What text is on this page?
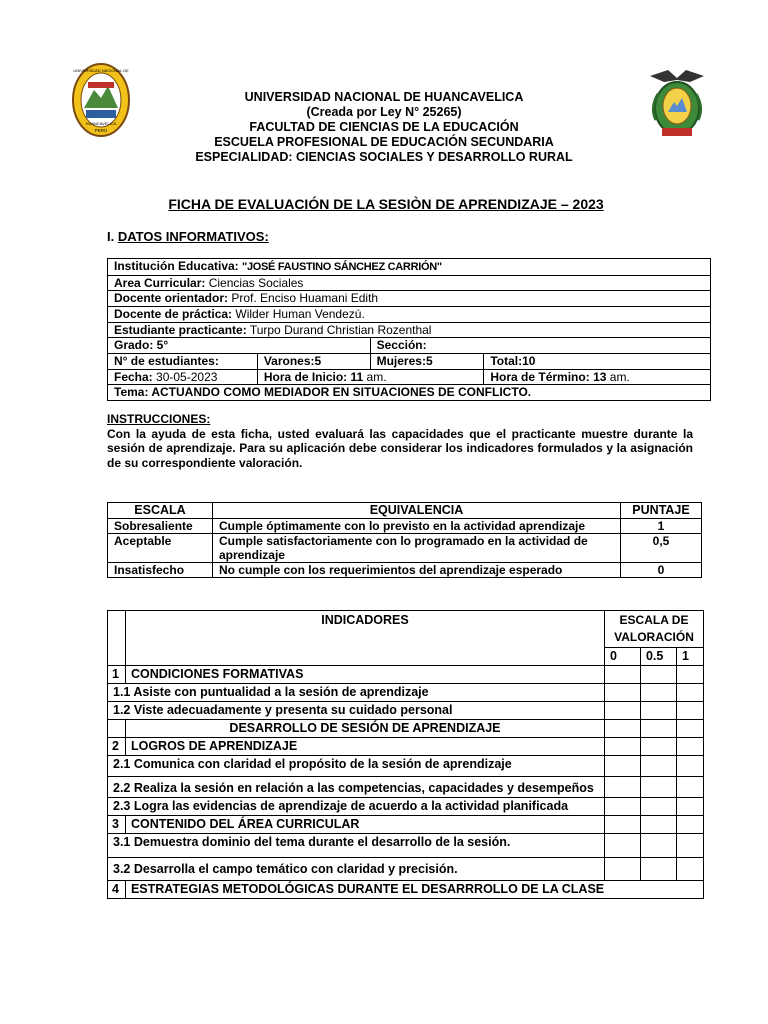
UNIVERSIDAD NACIONAL DE
HUANCAVELICA
PERÚ
UNIVERSIDAD NACIONAL DE HUANCAVELICA
(Creada por Ley N° 25265)
FACULTAD DE CIENCIAS DE LA EDUCACIÓN
ESCUELA PROFESIONAL DE EDUCACIÓN SECUNDARIA
ESPECIALIDAD: CIENCIAS SOCIALES Y DESARROLLO RURAL
FICHA DE EVALUACIÓN DE LA SESIÒN DE APRENDIZAJE – 2023
I. DATOS INFORMATIVOS:
Institución Educativa: "JOSÉ FAUSTINO SÁNCHEZ CARRIÓN"			
Area Curricular: Ciencias Sociales			
Docente orientador: Prof. Enciso Huamani Edith			
Docente de práctica: Wilder Human Vendezú.			
Estudiante practicante: Turpo Durand Christian Rozenthal			
Grado: 5°		Sección:	
N° de estudiantes:	Varones:5	Mujeres:5	Total:10
Fecha: 30-05-2023	Hora de Inicio: 11 am.		Hora de Término: 13 am.
Tema: ACTUANDO COMO MEDIADOR EN SITUACIONES DE CONFLICTO.			
INSTRUCCIONES:
Con la ayuda de esta ficha, usted evaluará las capacidades que el practicante muestre durante la sesión de aprendizaje. Para su aplicación debe considerar los indicadores formulados y la asignación de su correspondiente valoración.
ESCALA	EQUIVALENCIA	PUNTAJE
Sobresaliente	Cumple óptimamente con lo previsto en la actividad aprendizaje	1
Aceptable	Cumple satisfactoriamente con lo programado en la actividad de aprendizaje	0,5
Insatisfecho	No cumple con los requerimientos del aprendizaje esperado	0
	INDICADORES	ESCALA DE VALORACIÓN		
		0	0.5	1
1	CONDICIONES FORMATIVAS			
1.1 Asiste con puntualidad a la sesión de aprendizaje				
1.2 Viste adecuadamente y presenta su cuidado personal				
	DESARROLLO DE SESIÓN DE APRENDIZAJE			
2	LOGROS DE APRENDIZAJE			
2.1 Comunica con claridad el propósito de la sesión de aprendizaje				
2.2 Realiza la sesión en relación a las competencias, capacidades y desempeños				
2.3 Logra las evidencias de aprendizaje de acuerdo a la actividad planificada				
3	CONTENIDO DEL ÁREA CURRICULAR			
3.1 Demuestra dominio del tema durante el desarrollo de la sesión.				
3.2 Desarrolla el campo temático con claridad y precisión.				
4	ESTRATEGIAS METODOLÓGICAS DURANTE EL DESARRROLLO DE LA CLASE			
